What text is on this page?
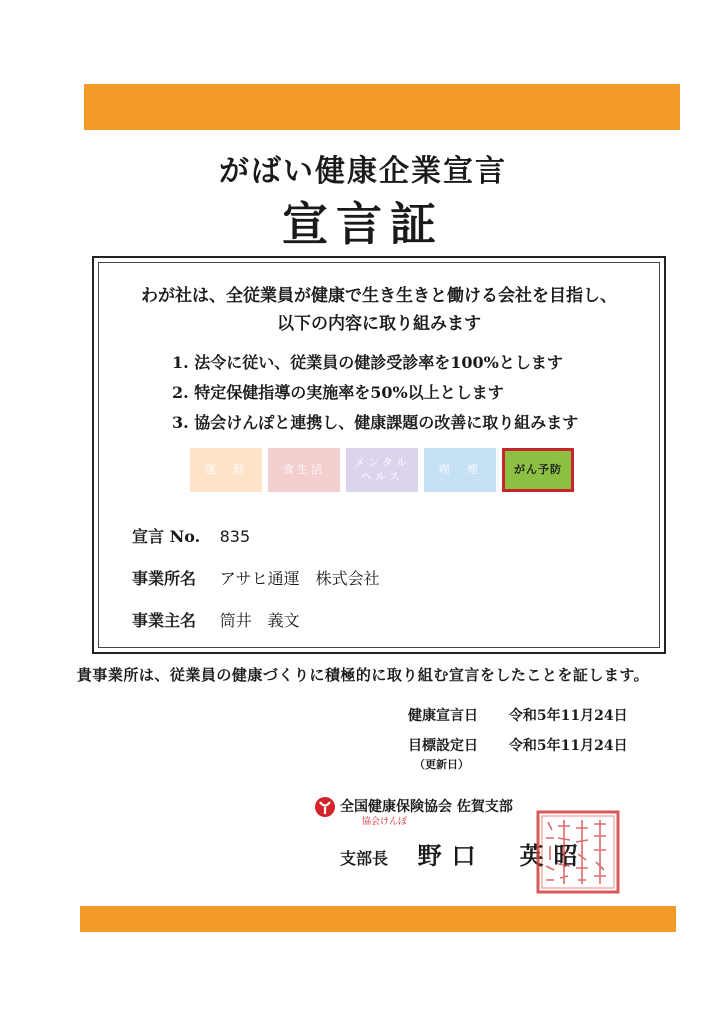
がばい健康企業宣言
宣言証
わが社は、全従業員が健康で生き生きと働ける会社を目指し、
以下の内容に取り組みます
1. 法令に従い、従業員の健診受診率を100%とします
2. 特定保健指導の実施率を50%以上とします
3. 協会けんぽと連携し、健康課題の改善に取り組みます
運　動	食生活
メンタル
ヘルス
喫　煙	がん予防
宣言 No. 835
事業所名 アサヒ通運　株式会社
事業主名 筒井　義文
貴事業所は、従業員の健康づくりに積極的に取り組む宣言をしたことを証します。
健康宣言日 令和5年11月24日
目標設定日 令和5年11月24日
（更新日）
全国健康保険協会 佐賀支部
協会けんぽ
支部長 野口　英昭
